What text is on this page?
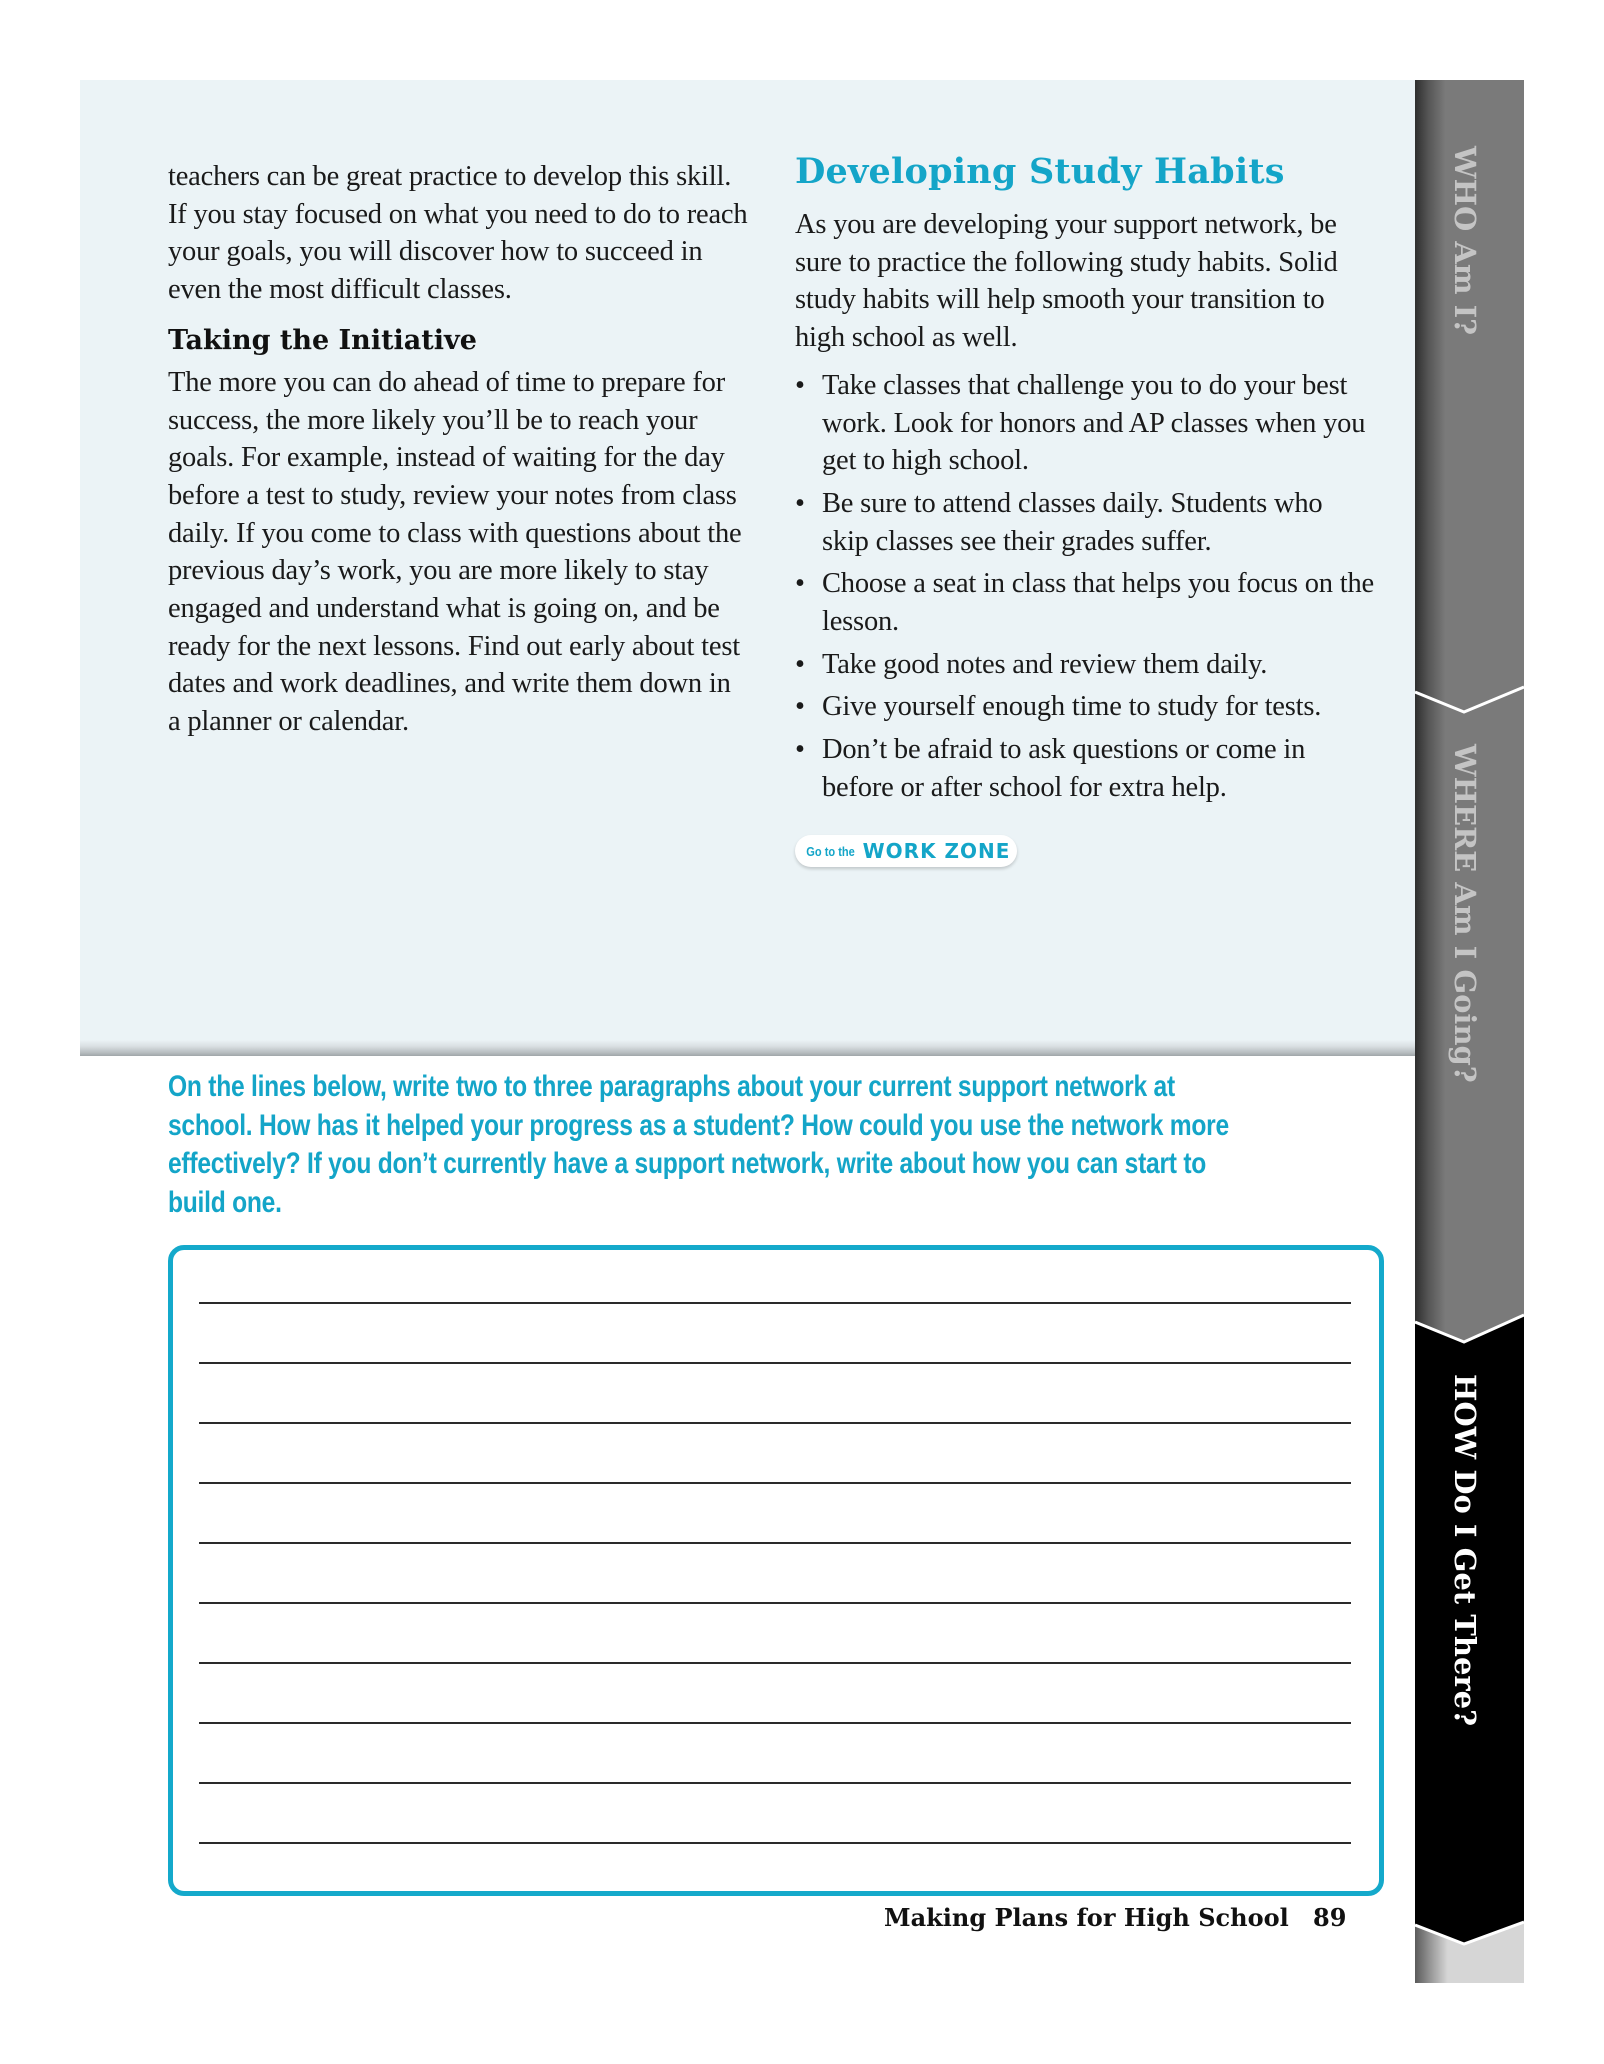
teachers can be great practice to develop this skill. If you stay focused on what you need to do to reach your goals, you will discover how to succeed in even the most difficult classes.

Taking the Initiative

The more you can do ahead of time to prepare for success, the more likely you’ll be to reach your goals. For example, instead of waiting for the day before a test to study, review your notes from class daily. If you come to class with questions about the previous day’s work, you are more likely to stay engaged and understand what is going on, and be ready for the next lessons. Find out early about test dates and work deadlines, and write them down in a planner or calendar.

Developing Study Habits

As you are developing your support network, be sure to practice the following study habits. Solid study habits will help smooth your transition to high school as well.

• Take classes that challenge you to do your best work. Look for honors and AP classes when you get to high school.
• Be sure to attend classes daily. Students who skip classes see their grades suffer.
• Choose a seat in class that helps you focus on the lesson.
• Take good notes and review them daily.
• Give yourself enough time to study for tests.
• Don’t be afraid to ask questions or come in before or after school for extra help.
Go to the WORK ZONE
On the lines below, write two to three paragraphs about your current support network at school. How has it helped your progress as a student? How could you use the network more effectively? If you don’t currently have a support network, write about how you can start to build one.
Making Plans for High School 89
WHO Am I?
WHERE Am I Going?
HOW Do I Get There?
